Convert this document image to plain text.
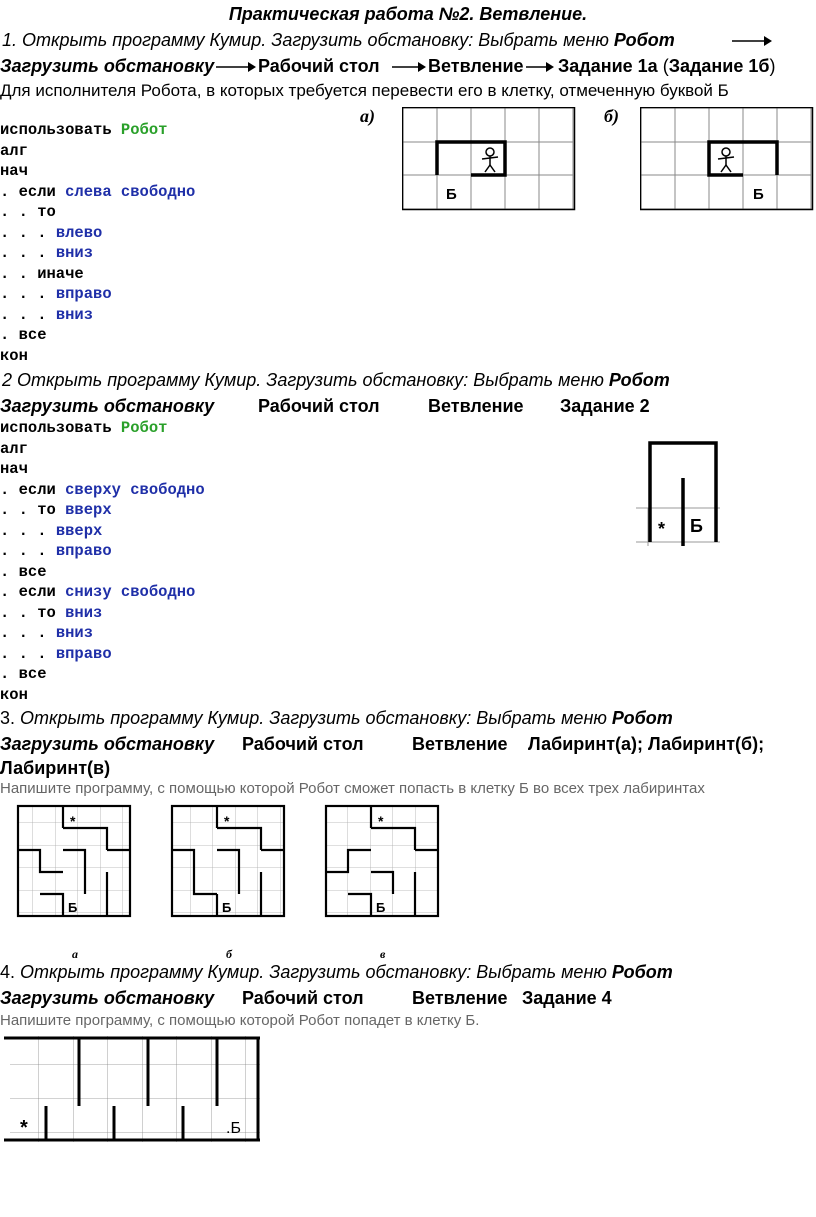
Практическая работа №2. Ветвление.
1. Открыть программу Кумир. Загрузить обстановку: Выбрать меню Робот
Загрузить обстановку Рабочий стол	Ветвление Задание 1а (Задание 1б)
Для исполнителя Робота, в которых требуется перевести его в клетку, отмеченную буквой Б
использовать Робот
алг
нач
. если слева свободно
. . то
. . . влево
. . . вниз
. . иначе
. . . вправо
. . . вниз
. все
кон
а)
Б
б)
Б
2 Открыть программу Кумир. Загрузить обстановку: Выбрать меню Робот
Загрузить обстановку Рабочий стол	Ветвление Задание 2
использовать Робот
алг
нач
. если сверху свободно
. . то вверх
. . . вверх
. . . вправо
. все
. если снизу свободно
. . то вниз
. . . вниз
. . . вправо
. все
кон
* Б
3. Открыть программу Кумир. Загрузить обстановку: Выбрать меню Робот
Загрузить обстановку Рабочий стол	Ветвление Лабиринт(а); Лабиринт(б);
Лабиринт(в)
Напишите программу, с помощью которой Робот сможет попасть в клетку Б во всех трех лабиринтах
*
Б
*
Б
*
Б
а	б	в
4. Открыть программу Кумир. Загрузить обстановку: Выбрать меню Робот
Загрузить обстановку Рабочий стол	Ветвление Задание 4
Напишите программу, с помощью которой Робот попадет в клетку Б.
*	.Б
